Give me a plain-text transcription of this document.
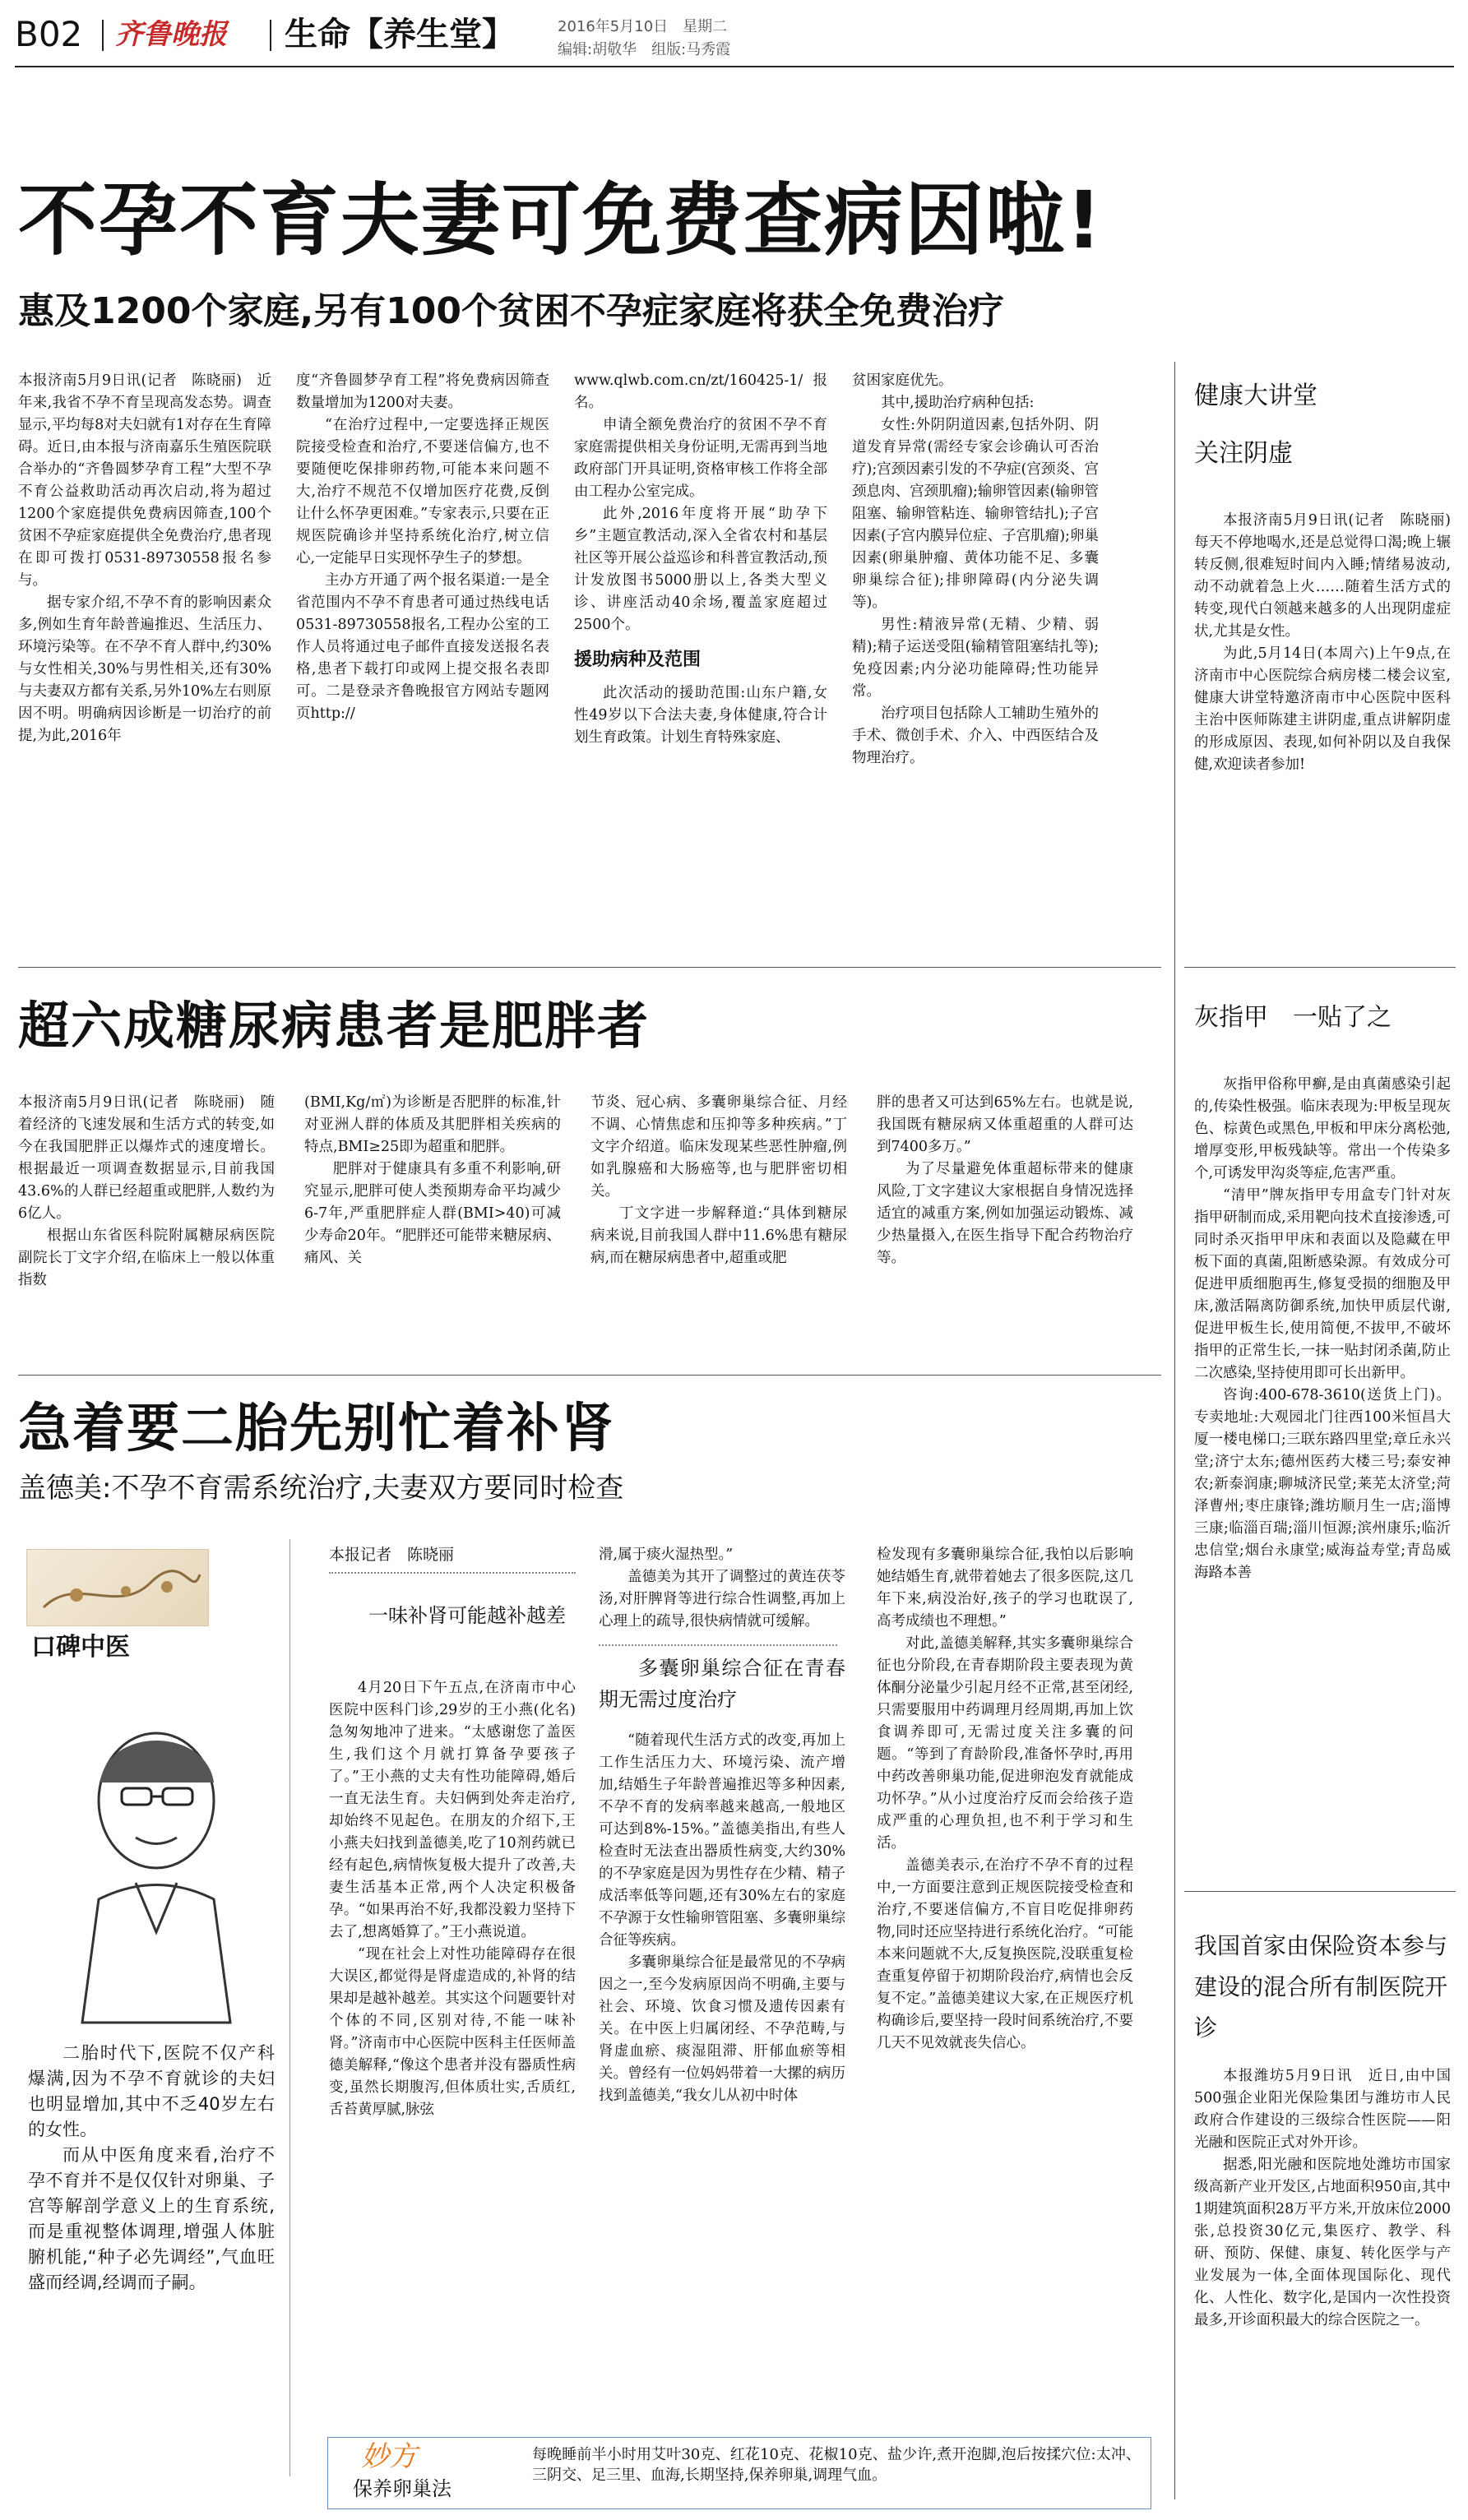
B02 齐鲁晚报 生命【养生堂】	2016年5月10日　星期二
编辑:胡敬华　组版:马秀霞
不孕不育夫妻可免费查病因啦!
惠及1200个家庭,另有100个贫困不孕症家庭将获全免费治疗

本报济南5月9日讯(记者　陈晓丽)　近年来,我省不孕不育呈现高发态势。调查显示,平均每8对夫妇就有1对存在生育障碍。近日,由本报与济南嘉乐生殖医院联合举办的“齐鲁圆梦孕育工程”大型不孕不育公益救助活动再次启动,将为超过1200个家庭提供免费病因筛查,100个贫困不孕症家庭提供全免费治疗,患者现在即可拨打0531-89730558报名参与。

据专家介绍,不孕不育的影响因素众多,例如生育年龄普遍推迟、生活压力、环境污染等。在不孕不育人群中,约30%与女性相关,30%与男性相关,还有30%与夫妻双方都有关系,另外10%左右则原因不明。明确病因诊断是一切治疗的前提,为此,2016年

度“齐鲁圆梦孕育工程”将免费病因筛查数量增加为1200对夫妻。

“在治疗过程中,一定要选择正规医院接受检查和治疗,不要迷信偏方,也不要随便吃保排卵药物,可能本来问题不大,治疗不规范不仅增加医疗花费,反倒让什么怀孕更困难。”专家表示,只要在正规医院确诊并坚持系统化治疗,树立信心,一定能早日实现怀孕生子的梦想。

主办方开通了两个报名渠道:一是全省范围内不孕不育患者可通过热线电话0531-89730558报名,工程办公室的工作人员将通过电子邮件直接发送报名表格,患者下载打印或网上提交报名表即可。二是登录齐鲁晚报官方网站专题网页http://

www.qlwb.com.cn/zt/160425-1/报名。

申请全额免费治疗的贫困不孕不育家庭需提供相关身份证明,无需再到当地政府部门开具证明,资格审核工作将全部由工程办公室完成。

此外,2016年度将开展“助孕下乡”主题宣教活动,深入全省农村和基层社区等开展公益巡诊和科普宣教活动,预计发放图书5000册以上,各类大型义诊、讲座活动40余场,覆盖家庭超过2500个。

援助病种及范围

此次活动的援助范围:山东户籍,女性49岁以下合法夫妻,身体健康,符合计划生育政策。计划生育特殊家庭、

贫困家庭优先。

其中,援助治疗病种包括:

女性:外阴阴道因素,包括外阴、阴道发育异常(需经专家会诊确认可否治疗);宫颈因素引发的不孕症(宫颈炎、宫颈息肉、宫颈肌瘤);输卵管因素(输卵管阻塞、输卵管粘连、输卵管结扎);子宫因素(子宫内膜异位症、子宫肌瘤);卵巢因素(卵巢肿瘤、黄体功能不足、多囊卵巢综合征);排卵障碍(内分泌失调等)。

男性:精液异常(无精、少精、弱精);精子运送受阻(输精管阻塞结扎等);免疫因素;内分泌功能障碍;性功能异常。

治疗项目包括除人工辅助生殖外的手术、微创手术、介入、中西医结合及物理治疗。

健康大讲堂
关注阴虚

本报济南5月9日讯(记者　陈晓丽)　每天不停地喝水,还是总觉得口渴;晚上辗转反侧,很难短时间内入睡;情绪易波动,动不动就着急上火……随着生活方式的转变,现代白领越来越多的人出现阴虚症状,尤其是女性。

为此,5月14日(本周六)上午9点,在济南市中心医院综合病房楼二楼会议室,健康大讲堂特邀济南市中心医院中医科主治中医师陈建主讲阴虚,重点讲解阴虚的形成原因、表现,如何补阴以及自我保健,欢迎读者参加!

超六成糖尿病患者是肥胖者

本报济南5月9日讯(记者　陈晓丽)　随着经济的飞速发展和生活方式的转变,如今在我国肥胖正以爆炸式的速度增长。根据最近一项调查数据显示,目前我国43.6%的人群已经超重或肥胖,人数约为6亿人。

根据山东省医科院附属糖尿病医院副院长丁文字介绍,在临床上一般以体重指数

(BMI,Kg/㎡)为诊断是否肥胖的标准,针对亚洲人群的体质及其肥胖相关疾病的特点,BMI≥25即为超重和肥胖。

肥胖对于健康具有多重不利影响,研究显示,肥胖可使人类预期寿命平均减少6-7年,严重肥胖症人群(BMI>40)可减少寿命20年。“肥胖还可能带来糖尿病、痛风、关

节炎、冠心病、多囊卵巢综合征、月经不调、心情焦虑和压抑等多种疾病。”丁文字介绍道。临床发现某些恶性肿瘤,例如乳腺癌和大肠癌等,也与肥胖密切相关。

丁文字进一步解释道:“具体到糖尿病来说,目前我国人群中11.6%患有糖尿病,而在糖尿病患者中,超重或肥

胖的患者又可达到65%左右。也就是说,我国既有糖尿病又体重超重的人群可达到7400多万。”

为了尽量避免体重超标带来的健康风险,丁文字建议大家根据自身情况选择适宜的减重方案,例如加强运动锻炼、减少热量摄入,在医生指导下配合药物治疗等。

灰指甲　一贴了之

灰指甲俗称甲癣,是由真菌感染引起的,传染性极强。临床表现为:甲板呈现灰色、棕黄色或黑色,甲板和甲床分离松弛,增厚变形,甲板残缺等。常出一个传染多个,可诱发甲沟炎等症,危害严重。

“清甲”牌灰指甲专用盒专门针对灰指甲研制而成,采用靶向技术直接渗透,可同时杀灭指甲甲床和表面以及隐藏在甲板下面的真菌,阻断感染源。有效成分可促进甲质细胞再生,修复受损的细胞及甲床,激活隔离防御系统,加快甲质层代谢,促进甲板生长,使用简便,不拔甲,不破坏指甲的正常生长,一抹一贴封闭杀菌,防止二次感染,坚持使用即可长出新甲。

咨询:400-678-3610(送货上门)。专卖地址:大观园北门往西100米恒昌大厦一楼电梯口;三联东路四里堂;章丘永兴堂;济宁太东;德州医药大楼三号;泰安神农;新泰润康;聊城济民堂;莱芜太济堂;菏泽曹州;枣庄康锋;潍坊顺月生一店;淄博三康;临淄百瑞;淄川恒源;滨州康乐;临沂忠信堂;烟台永康堂;威海益寿堂;青岛威海路本善

急着要二胎先别忙着补肾
盖德美:不孕不育需系统治疗,夫妻双方要同时检查
口碑中医

二胎时代下,医院不仅产科爆满,因为不孕不育就诊的夫妇也明显增加,其中不乏40岁左右的女性。

而从中医角度来看,治疗不孕不育并不是仅仅针对卵巢、子宫等解剖学意义上的生育系统,而是重视整体调理,增强人体脏腑机能,“种子必先调经”,气血旺盛而经调,经调而子嗣。

本报记者　陈晓丽
一味补肾可能越补越差

4月20日下午五点,在济南市中心医院中医科门诊,29岁的王小燕(化名)急匆匆地冲了进来。“太感谢您了盖医生,我们这个月就打算备孕要孩子了。”王小燕的丈夫有性功能障碍,婚后一直无法生育。夫妇俩到处奔走治疗,却始终不见起色。在朋友的介绍下,王小燕夫妇找到盖德美,吃了10剂药就已经有起色,病情恢复极大提升了改善,夫妻生活基本正常,两个人决定积极备孕。“如果再治不好,我都没毅力坚持下去了,想离婚算了。”王小燕说道。

“现在社会上对性功能障碍存在很大误区,都觉得是肾虚造成的,补肾的结果却是越补越差。其实这个问题要针对个体的不同,区别对待,不能一味补肾。”济南市中心医院中医科主任医师盖德美解释,“像这个患者并没有器质性病变,虽然长期腹泻,但体质壮实,舌质红,舌苔黄厚腻,脉弦

滑,属于痰火湿热型。”

盖德美为其开了调整过的黄连茯苓汤,对肝脾肾等进行综合性调整,再加上心理上的疏导,很快病情就可缓解。

多囊卵巢综合征在青春期无需过度治疗

“随着现代生活方式的改变,再加上工作生活压力大、环境污染、流产增加,结婚生子年龄普遍推迟等多种因素,不孕不育的发病率越来越高,一般地区可达到8%-15%。”盖德美指出,有些人检查时无法查出器质性病变,大约30%的不孕家庭是因为男性存在少精、精子成活率低等问题,还有30%左右的家庭不孕源于女性输卵管阻塞、多囊卵巢综合征等疾病。

多囊卵巢综合征是最常见的不孕病因之一,至今发病原因尚不明确,主要与社会、环境、饮食习惯及遗传因素有关。在中医上归属闭经、不孕范畴,与肾虚血瘀、痰湿阻滞、肝郁血瘀等相关。曾经有一位妈妈带着一大摞的病历找到盖德美,“我女儿从初中时体

检发现有多囊卵巢综合征,我怕以后影响她结婚生育,就带着她去了很多医院,这几年下来,病没治好,孩子的学习也耽误了,高考成绩也不理想。”

对此,盖德美解释,其实多囊卵巢综合征也分阶段,在青春期阶段主要表现为黄体酮分泌量少引起月经不正常,甚至闭经,只需要服用中药调理月经周期,再加上饮食调养即可,无需过度关注多囊的问题。“等到了育龄阶段,准备怀孕时,再用中药改善卵巢功能,促进卵泡发育就能成功怀孕。”从小过度治疗反而会给孩子造成严重的心理负担,也不利于学习和生活。

盖德美表示,在治疗不孕不育的过程中,一方面要注意到正规医院接受检查和治疗,不要迷信偏方,不盲目吃促排卵药物,同时还应坚持进行系统化治疗。“可能本来问题就不大,反复换医院,没联重复检查重复停留于初期阶段治疗,病情也会反复不定。”盖德美建议大家,在正规医疗机构确诊后,要坚持一段时间系统治疗,不要几天不见效就丧失信心。

妙方
保养卵巢法
每晚睡前半小时用艾叶30克、红花10克、花椒10克、盐少许,煮开泡脚,泡后按揉穴位:太冲、三阴交、足三里、血海,长期坚持,保养卵巢,调理气血。
我国首家由保险资本参与建设的混合所有制医院开诊

本报潍坊5月9日讯　近日,由中国500强企业阳光保险集团与潍坊市人民政府合作建设的三级综合性医院——阳光融和医院正式对外开诊。

据悉,阳光融和医院地处潍坊市国家级高新产业开发区,占地面积950亩,其中1期建筑面积28万平方米,开放床位2000张,总投资30亿元,集医疗、教学、科研、预防、保健、康复、转化医学与产业发展为一体,全面体现国际化、现代化、人性化、数字化,是国内一次性投资最多,开诊面积最大的综合医院之一。
